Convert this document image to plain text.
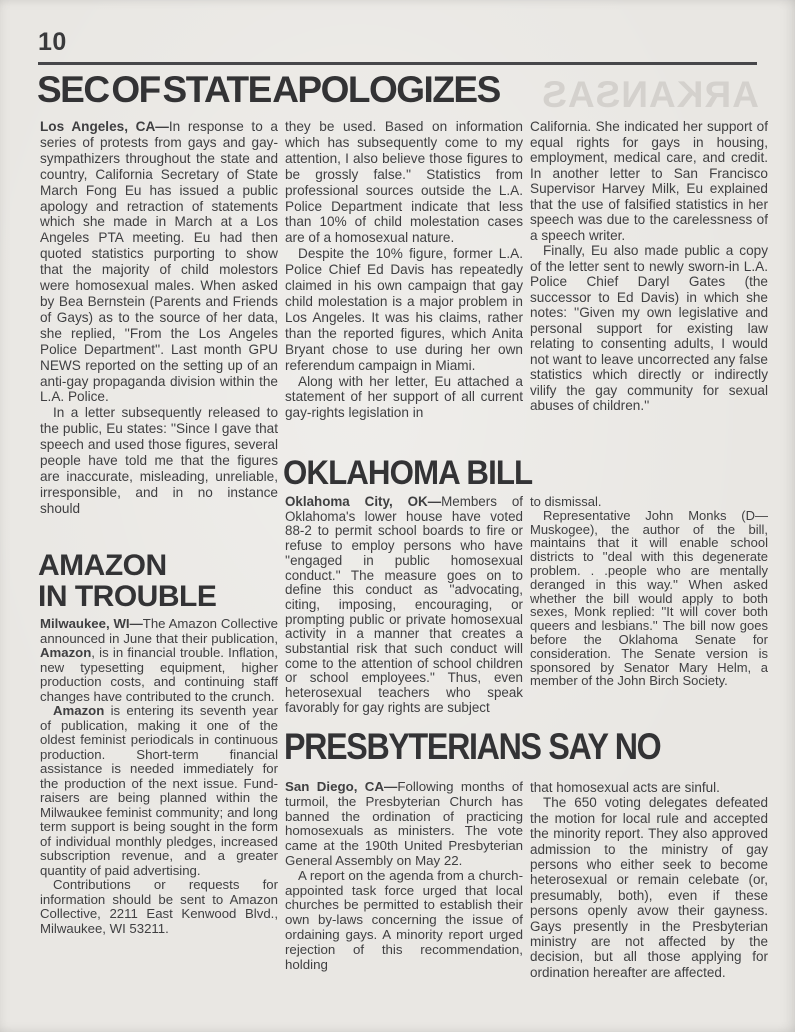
10
ARKANSAS
SEC OF STATE APOLOGIZES

Los Angeles, CA—In response to a series of protests from gays and gay-sympathizers throughout the state and country, California Secretary of State March Fong Eu has issued a public apology and retraction of statements which she made in March at a Los Angeles PTA meeting. Eu had then quoted statistics purporting to show that the majority of child molestors were homosexual males. When asked by Bea Bernstein (Parents and Friends of Gays) as to the source of her data, she replied, ''From the Los Angeles Police Department''. Last month GPU NEWS reported on the setting up of an anti-gay propaganda division within the L.A. Police.

In a letter subsequently released to the public, Eu states: ''Since I gave that speech and used those figures, several people have told me that the figures are inaccurate, misleading, unreliable, irresponsible, and in no instance should

they be used. Based on information which has subsequently come to my attention, I also believe those figures to be grossly false.'' Statistics from professional sources outside the L.A. Police Department indicate that less than 10% of child molestation cases are of a homosexual nature.

Despite the 10% figure, former L.A. Police Chief Ed Davis has repeatedly claimed in his own campaign that gay child molestation is a major problem in Los Angeles. It was his claims, rather than the reported figures, which Anita Bryant chose to use during her own referendum campaign in Miami.

Along with her letter, Eu attached a statement of her support of all current gay-rights legislation in

California. She indicated her support of equal rights for gays in housing, employment, medical care, and credit. In another letter to San Francisco Supervisor Harvey Milk, Eu explained that the use of falsified statistics in her speech was due to the carelessness of a speech writer.

Finally, Eu also made public a copy of the letter sent to newly sworn-in L.A. Police Chief Daryl Gates (the successor to Ed Davis) in which she notes: ''Given my own legislative and personal support for existing law relating to consenting adults, I would not want to leave uncorrected any false statistics which directly or indirectly vilify the gay community for sexual abuses of children.''

AMAZON
IN TROUBLE

Milwaukee, WI—The Amazon Collective announced in June that their publication, Amazon, is in financial trouble. Inflation, new typesetting equipment, higher production costs, and continuing staff changes have contributed to the crunch.

Amazon is entering its seventh year of publication, making it one of the oldest feminist periodicals in continuous production. Short-term financial assistance is needed immediately for the production of the next issue. Fund-raisers are being planned within the Milwaukee feminist community; and long term support is being sought in the form of individual monthly pledges, increased subscription revenue, and a greater quantity of paid advertising.

Contributions or requests for information should be sent to Amazon Collective, 2211 East Kenwood Blvd., Milwaukee, WI 53211.

OKLAHOMA BILL

Oklahoma City, OK—Members of Oklahoma's lower house have voted 88-2 to permit school boards to fire or refuse to employ persons who have ''engaged in public homosexual conduct.'' The measure goes on to define this conduct as ''advocating, citing, imposing, encouraging, or prompting public or private homosexual activity in a manner that creates a substantial risk that such conduct will come to the attention of school children or school employees.'' Thus, even heterosexual teachers who speak favorably for gay rights are subject

to dismissal.

Representative John Monks (D—Muskogee), the author of the bill, maintains that it will enable school districts to ''deal with this degenerate problem. . .people who are mentally deranged in this way.'' When asked whether the bill would apply to both sexes, Monk replied: ''It will cover both queers and lesbians.'' The bill now goes before the Oklahoma Senate for consideration. The Senate version is sponsored by Senator Mary Helm, a member of the John Birch Society.

PRESBYTERIANS SAY NO

San Diego, CA—Following months of turmoil, the Presbyterian Church has banned the ordination of practicing homosexuals as ministers. The vote came at the 190th United Presbyterian General Assembly on May 22.

A report on the agenda from a church-appointed task force urged that local churches be permitted to establish their own by-laws concerning the issue of ordaining gays. A minority report urged rejection of this recommendation, holding

that homosexual acts are sinful.

The 650 voting delegates defeated the motion for local rule and accepted the minority report. They also approved admission to the ministry of gay persons who either seek to become heterosexual or remain celebate (or, presumably, both), even if these persons openly avow their gayness. Gays presently in the Presbyterian ministry are not affected by the decision, but all those applying for ordination hereafter are affected.
